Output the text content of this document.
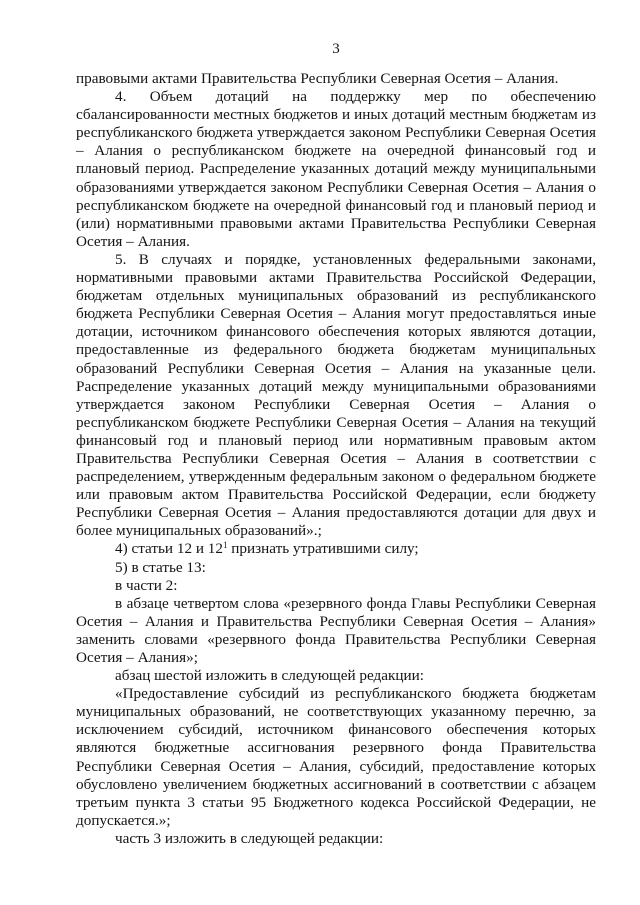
3

правовыми актами Правительства Республики Северная Осетия – Алания.

4. Объем дотаций на поддержку мер по обеспечению сбалансированности местных бюджетов и иных дотаций местным бюджетам из республиканского бюджета утверждается законом Республики Северная Осетия – Алания о республиканском бюджете на очередной финансовый год и плановый период. Распределение указанных дотаций между муниципальными образованиями утверждается законом Республики Северная Осетия – Алания о республиканском бюджете на очередной финансовый год и плановый период и (или) нормативными правовыми актами Правительства Республики Северная Осетия – Алания.

5. В случаях и порядке, установленных федеральными законами, нормативными правовыми актами Правительства Российской Федерации, бюджетам отдельных муниципальных образований из республиканского бюджета Республики Северная Осетия – Алания могут предоставляться иные дотации, источником финансового обеспечения которых являются дотации, предоставленные из федерального бюджета бюджетам муниципальных образований Республики Северная Осетия – Алания на указанные цели. Распределение указанных дотаций между муниципальными образованиями утверждается законом Республики Северная Осетия – Алания о республиканском бюджете Республики Северная Осетия – Алания на текущий финансовый год и плановый период или нормативным правовым актом Правительства Республики Северная Осетия – Алания в соответствии с распределением, утвержденным федеральным законом о федеральном бюджете или правовым актом Правительства Российской Федерации, если бюджету Республики Северная Осетия – Алания предоставляются дотации для двух и более муниципальных образований».;

4) статьи 12 и $12^1$ признать утратившими силу;

5) в статье 13:

в части 2:

в абзаце четвертом слова «резервного фонда Главы Республики Северная Осетия – Алания и Правительства Республики Северная Осетия – Алания» заменить словами «резервного фонда Правительства Республики Северная Осетия – Алания»;

абзац шестой изложить в следующей редакции:

«Предоставление субсидий из республиканского бюджета бюджетам муниципальных образований, не соответствующих указанному перечню, за исключением субсидий, источником финансового обеспечения которых являются бюджетные ассигнования резервного фонда Правительства Республики Северная Осетия – Алания, субсидий, предоставление которых обусловлено увеличением бюджетных ассигнований в соответствии с абзацем третьим пункта 3 статьи 95 Бюджетного кодекса Российской Федерации, не допускается.»;

часть 3 изложить в следующей редакции:
